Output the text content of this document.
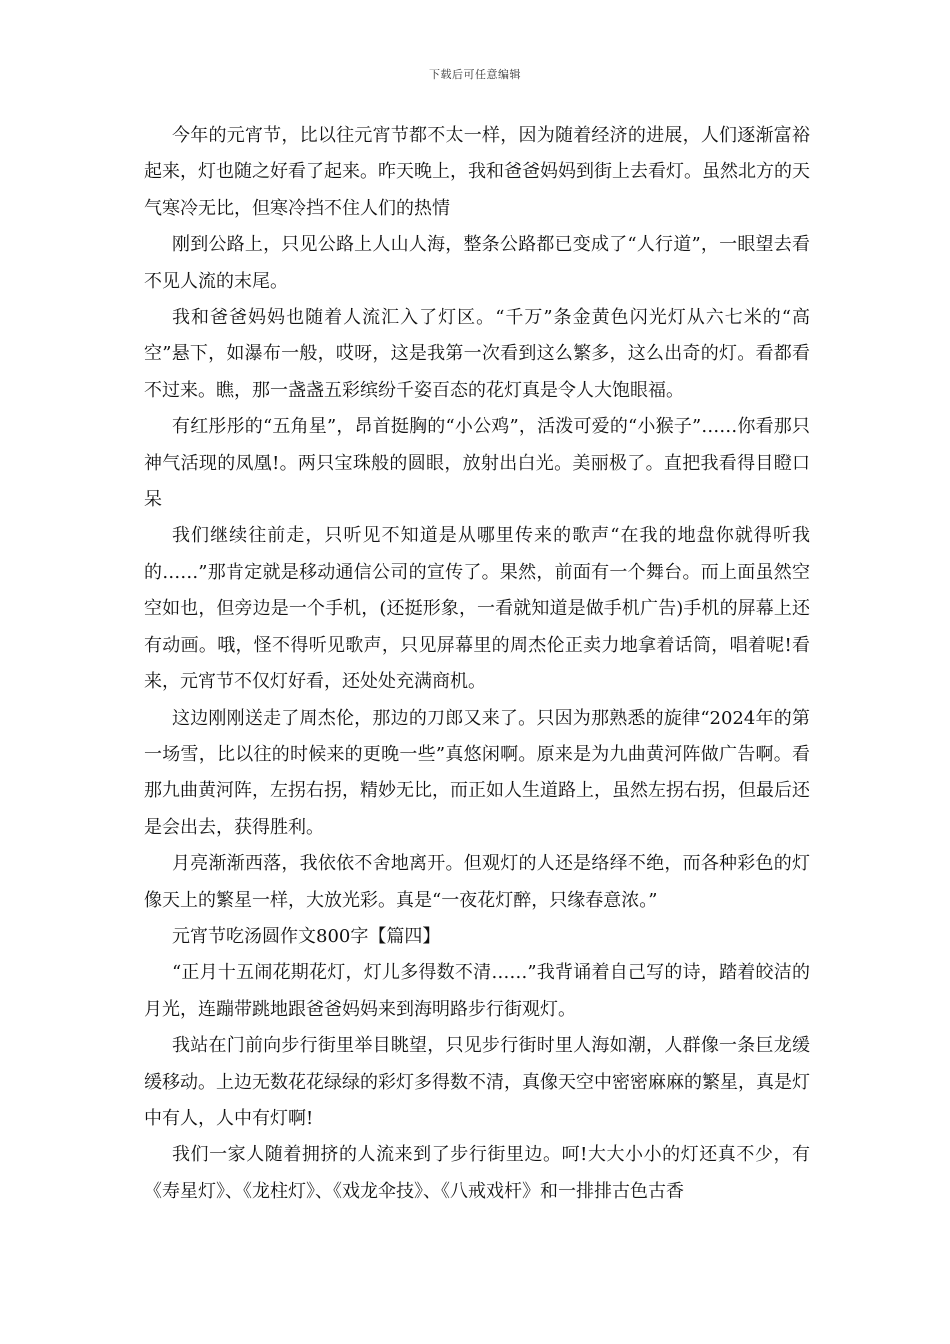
下载后可任意编辑

今年的元宵节，比以往元宵节都不太一样，因为随着经济的进展，人们逐渐富裕起来，灯也随之好看了起来。昨天晚上，我和爸爸妈妈到街上去看灯。虽然北方的天气寒冷无比，但寒冷挡不住人们的热情

刚到公路上，只见公路上人山人海，整条公路都已变成了“人行道”，一眼望去看不见人流的末尾。

我和爸爸妈妈也随着人流汇入了灯区。“千万”条金黄色闪光灯从六七米的“高空”悬下，如瀑布一般，哎呀，这是我第一次看到这么繁多，这么出奇的灯。看都看不过来。瞧，那一盏盏五彩缤纷千姿百态的花灯真是令人大饱眼福。

有红彤彤的“五角星”，昂首挺胸的“小公鸡”，活泼可爱的“小猴子”……你看那只神气活现的凤凰!。两只宝珠般的圆眼，放射出白光。美丽极了。直把我看得目瞪口呆

我们继续往前走，只听见不知道是从哪里传来的歌声“在我的地盘你就得听我的……”那肯定就是移动通信公司的宣传了。果然，前面有一个舞台。而上面虽然空空如也，但旁边是一个手机，(还挺形象，一看就知道是做手机广告)手机的屏幕上还有动画。哦，怪不得听见歌声，只见屏幕里的周杰伦正卖力地拿着话筒，唱着呢!看来，元宵节不仅灯好看，还处处充满商机。

这边刚刚送走了周杰伦，那边的刀郎又来了。只因为那熟悉的旋律“2024年的第一场雪，比以往的时候来的更晚一些”真悠闲啊。原来是为九曲黄河阵做广告啊。看那九曲黄河阵，左拐右拐，精妙无比，而正如人生道路上，虽然左拐右拐，但最后还是会出去，获得胜利。

月亮渐渐西落，我依依不舍地离开。但观灯的人还是络绎不绝，而各种彩色的灯像天上的繁星一样，大放光彩。真是“一夜花灯醉，只缘春意浓。”

元宵节吃汤圆作文800字【篇四】

“正月十五闹花期花灯，灯儿多得数不清……”我背诵着自己写的诗，踏着皎洁的月光，连蹦带跳地跟爸爸妈妈来到海明路步行街观灯。

我站在门前向步行街里举目眺望，只见步行街时里人海如潮，人群像一条巨龙缓缓移动。上边无数花花绿绿的彩灯多得数不清，真像天空中密密麻麻的繁星，真是灯中有人，人中有灯啊!

我们一家人随着拥挤的人流来到了步行街里边。呵!大大小小的灯还真不少，有《寿星灯》、《龙柱灯》、《戏龙伞技》、《八戒戏杆》和一排排古色古香
